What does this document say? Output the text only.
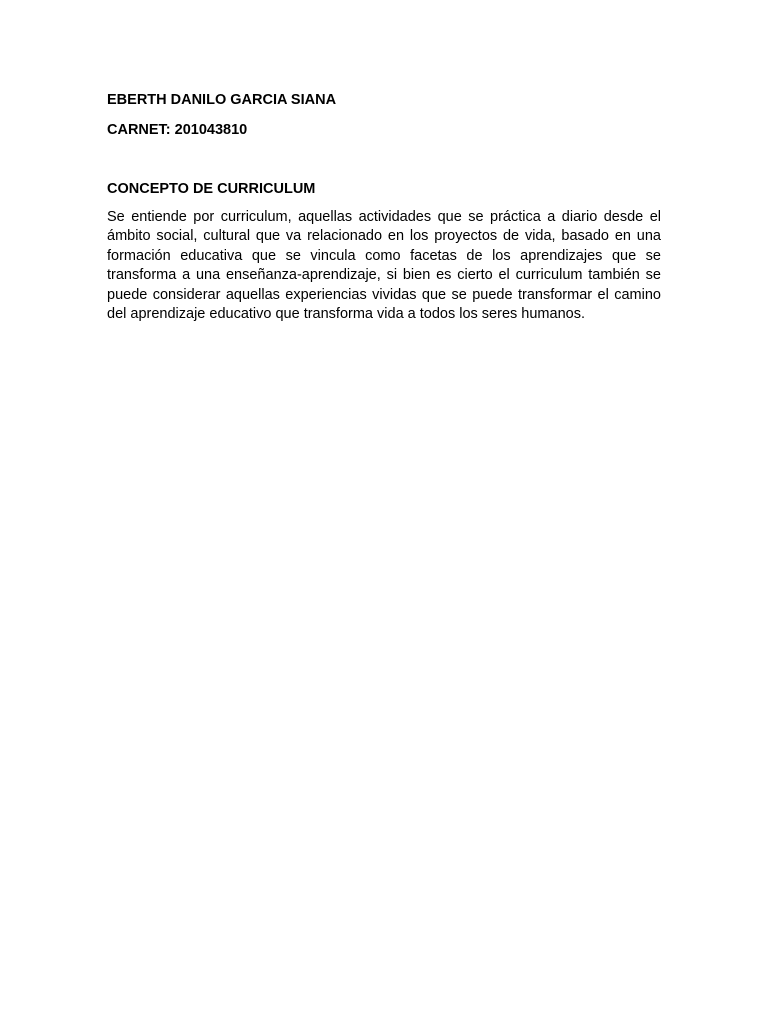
EBERTH DANILO GARCIA SIANA

CARNET: 201043810

CONCEPTO DE CURRICULUM

Se entiende por curriculum, aquellas actividades que se práctica a diario desde el ámbito social, cultural que va relacionado en los proyectos de vida, basado en una formación educativa que se vincula como facetas de los aprendizajes que se transforma a una enseñanza-aprendizaje, si bien es cierto el curriculum también se puede considerar aquellas experiencias vividas que se puede transformar el camino del aprendizaje educativo que transforma vida a todos los seres humanos.
